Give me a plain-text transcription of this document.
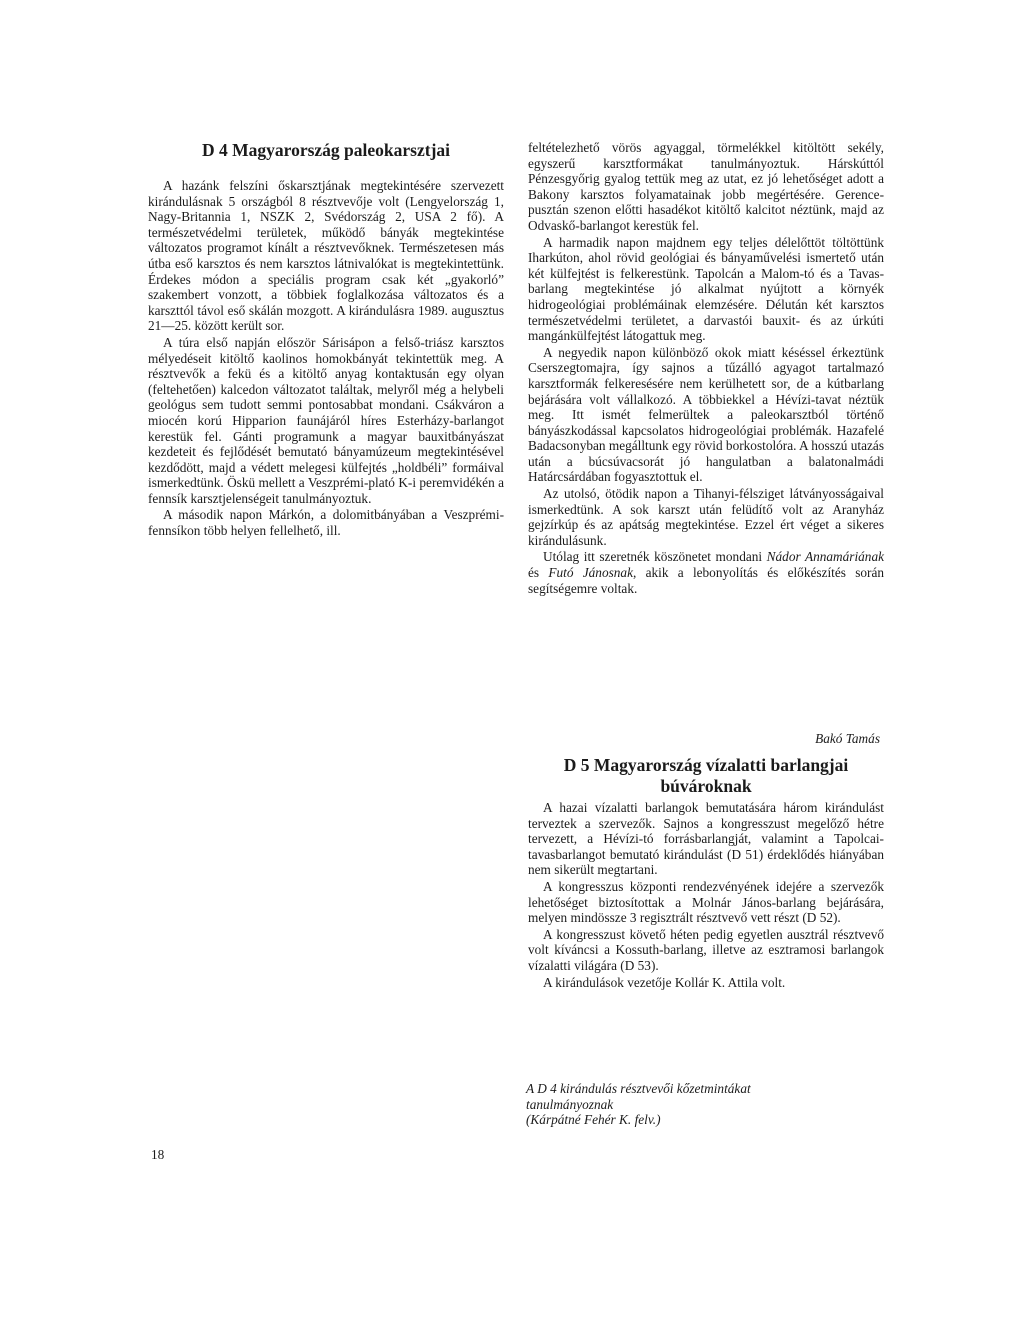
D 4 Magyarország paleokarsztjai

A hazánk felszíni őskarsztjának megtekintésére szervezett kirándulásnak 5 országból 8 résztvevője volt (Lengyelország 1, Nagy-Britannia 1, NSZK 2, Svédország 2, USA 2 fő). A természetvédelmi területek, működő bányák megtekintése változatos programot kínált a résztvevőknek. Természetesen más útba eső karsztos és nem karsztos látnivalókat is megtekintettünk. Érdekes módon a speciális program csak két „gyakorló” szakembert vonzott, a többiek foglalkozása változatos és a karszttól távol eső skálán mozgott. A kirándulásra 1989. augusztus 21—25. között került sor.

A túra első napján először Sárisápon a felső-triász karsztos mélyedéseit kitöltő kaolinos homokbányát tekintettük meg. A résztvevők a fekü és a kitöltő anyag kontaktusán egy olyan (feltehetően) kalcedon változatot találtak, melyről még a helybeli geológus sem tudott semmi pontosabbat mondani. Csákváron a miocén korú Hipparion faunájáról híres Esterházy-barlangot kerestük fel. Gánti programunk a magyar bauxitbányászat kezdeteit és fejlődését bemutató bányamúzeum megtekintésével kezdődött, majd a védett melegesi külfejtés „holdbéli” formáival ismerkedtünk. Öskü mellett a Veszprémi-plató K-i peremvidékén a fennsík karsztjelenségeit tanulmányoztuk.

A második napon Márkón, a dolomitbányában a Veszprémi-fennsíkon több helyen fellelhető, ill.

feltételezhető vörös agyaggal, törmelékkel kitöltött sekély, egyszerű karsztformákat tanulmányoztuk. Hárskúttól Pénzesgyőrig gyalog tettük meg az utat, ez jó lehetőséget adott a Bakony karsztos folyamatainak jobb megértésére. Gerence-pusztán szenon előtti hasadékot kitöltő kalcitot néztünk, majd az Odvaskő-barlangot kerestük fel.

A harmadik napon majdnem egy teljes délelőttöt töltöttünk Iharkúton, ahol rövid geológiai és bányaművelési ismertető után két külfejtést is felkerestünk. Tapolcán a Malom-tó és a Tavas-barlang megtekintése jó alkalmat nyújtott a környék hidrogeológiai problémáinak elemzésére. Délután két karsztos természetvédelmi területet, a darvastói bauxit- és az úrkúti mangánkülfejtést látogattuk meg.

A negyedik napon különböző okok miatt késéssel érkeztünk Cserszegtomajra, így sajnos a tűzálló agyagot tartalmazó karsztformák felkeresésére nem kerülhetett sor, de a kútbarlang bejárására volt vállalkozó. A többiekkel a Hévízi-tavat néztük meg. Itt ismét felmerültek a paleokarsztból történő bányászkodással kapcsolatos hidrogeológiai problémák. Hazafelé Badacsonyban megálltunk egy rövid borkostolóra. A hosszú utazás után a búcsúvacsorát jó hangulatban a balatonalmádi Határcsárdában fogyasztottuk el.

Az utolsó, ötödik napon a Tihanyi-félsziget látványosságaival ismerkedtünk. A sok karszt után felüdítő volt az Aranyház gejzírkúp és az apátság megtekintése. Ezzel ért véget a sikeres kirándulásunk.

Utólag itt szeretnék köszönetet mondani Nádor Annamáriának és Futó Jánosnak, akik a lebonyolítás és előkészítés során segítségemre voltak.

Bakó Tamás
D 5 Magyarország vízalatti barlangjai búvároknak

A hazai vízalatti barlangok bemutatására három kirándulást terveztek a szervezők. Sajnos a kongresszust megelőző hétre tervezett, a Hévízi-tó forrásbarlangját, valamint a Tapolcai-tavasbarlangot bemutató kirándulást (D 51) érdeklődés hiányában nem sikerült megtartani.

A kongresszus központi rendezvényének idejére a szervezők lehetőséget biztosítottak a Molnár János-barlang bejárására, melyen mindössze 3 regisztrált résztvevő vett részt (D 52).

A kongresszust követő héten pedig egyetlen ausztrál résztvevő volt kíváncsi a Kossuth-barlang, illetve az esztramosi barlangok vízalatti világára (D 53).

A kirándulások vezetője Kollár K. Attila volt.

A D 4 kirándulás résztvevői kőzetmintákat
tanulmányoznak
(Kárpátné Fehér K. felv.)
18
